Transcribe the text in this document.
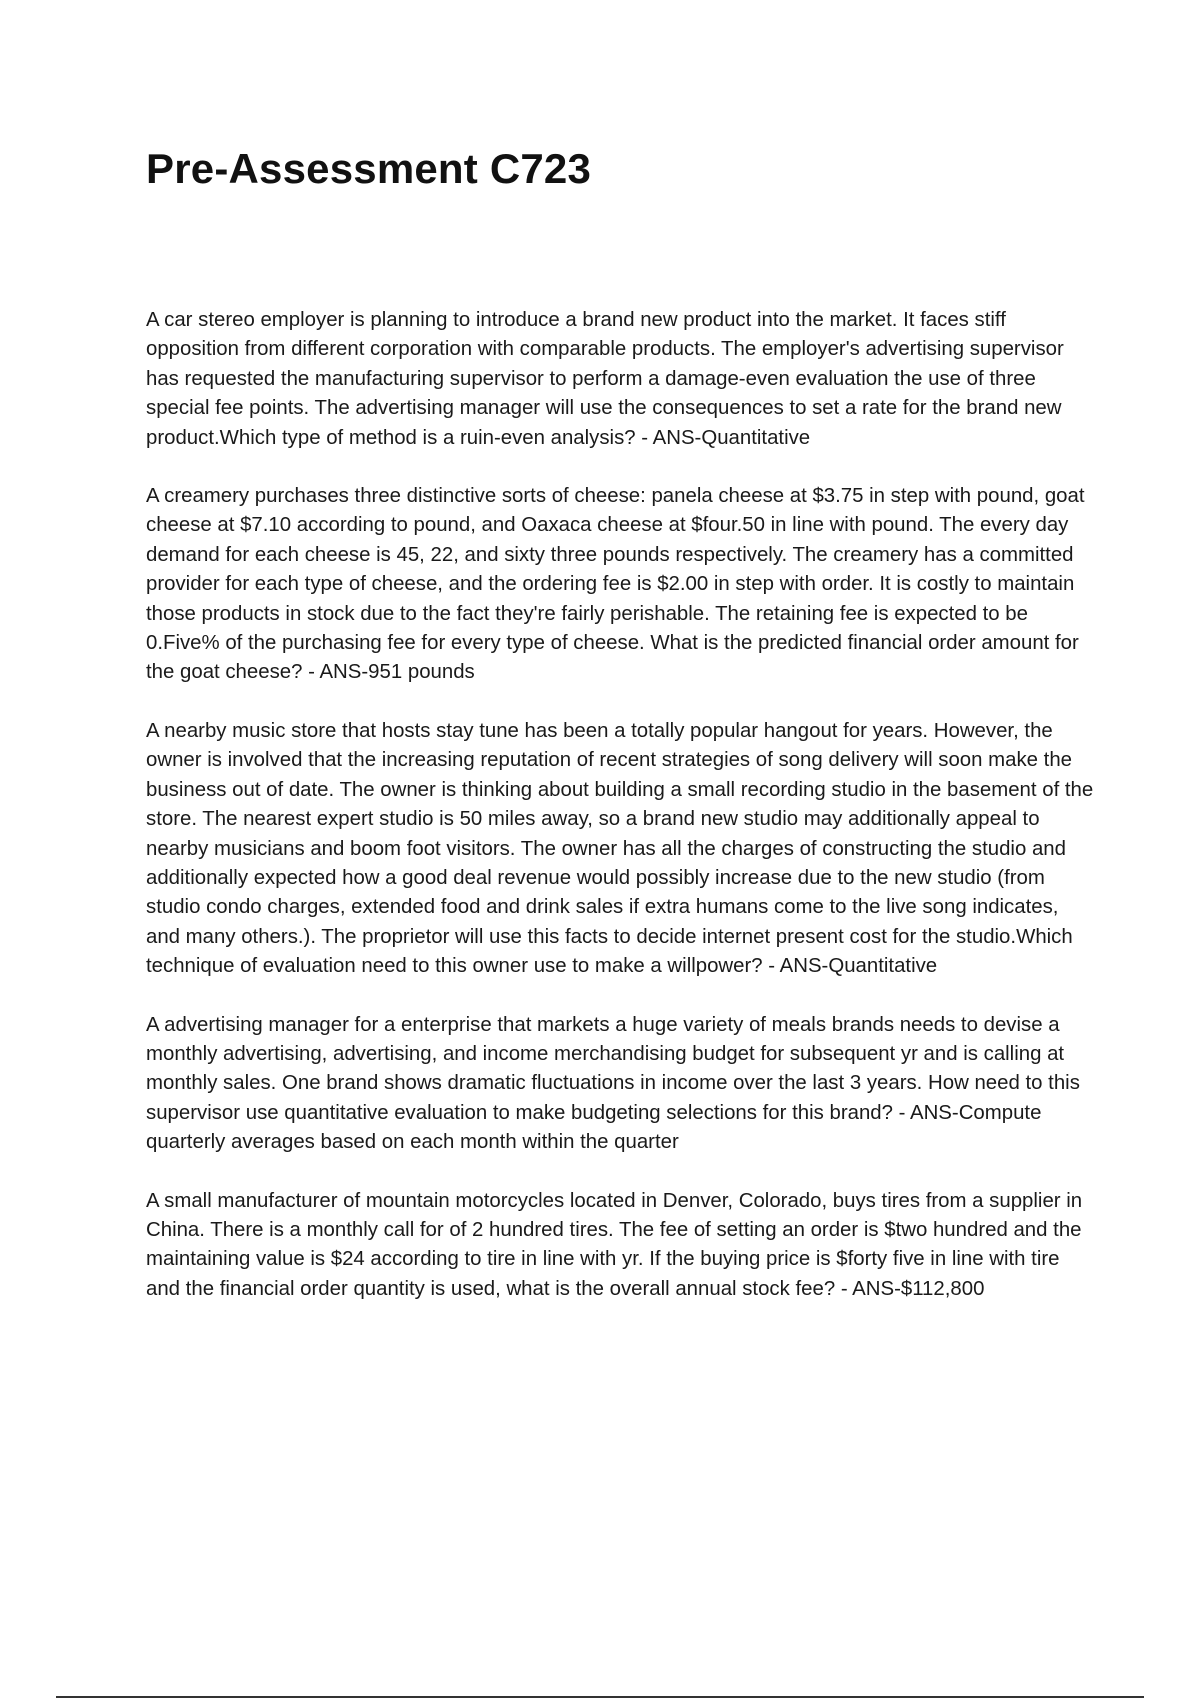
Pre-Assessment C723

A car stereo employer is planning to introduce a brand new product into the market. It faces stiff opposition from different corporation with comparable products. The employer's advertising supervisor has requested the manufacturing supervisor to perform a damage-even evaluation the use of three special fee points. The advertising manager will use the consequences to set a rate for the brand new product.Which type of method is a ruin-even analysis? - ANS-Quantitative

A creamery purchases three distinctive sorts of cheese: panela cheese at $3.75 in step with pound, goat cheese at $7.10 according to pound, and Oaxaca cheese at $four.50 in line with pound. The every day demand for each cheese is 45, 22, and sixty three pounds respectively. The creamery has a committed provider for each type of cheese, and the ordering fee is $2.00 in step with order. It is costly to maintain those products in stock due to the fact they're fairly perishable. The retaining fee is expected to be 0.Five% of the purchasing fee for every type of cheese. What is the predicted financial order amount for the goat cheese? - ANS-951 pounds

A nearby music store that hosts stay tune has been a totally popular hangout for years. However, the owner is involved that the increasing reputation of recent strategies of song delivery will soon make the business out of date. The owner is thinking about building a small recording studio in the basement of the store. The nearest expert studio is 50 miles away, so a brand new studio may additionally appeal to nearby musicians and boom foot visitors. The owner has all the charges of constructing the studio and additionally expected how a good deal revenue would possibly increase due to the new studio (from studio condo charges, extended food and drink sales if extra humans come to the live song indicates, and many others.). The proprietor will use this facts to decide internet present cost for the studio.Which technique of evaluation need to this owner use to make a willpower? - ANS-Quantitative

A advertising manager for a enterprise that markets a huge variety of meals brands needs to devise a monthly advertising, advertising, and income merchandising budget for subsequent yr and is calling at monthly sales. One brand shows dramatic fluctuations in income over the last 3 years. How need to this supervisor use quantitative evaluation to make budgeting selections for this brand? - ANS-Compute quarterly averages based on each month within the quarter

A small manufacturer of mountain motorcycles located in Denver, Colorado, buys tires from a supplier in China. There is a monthly call for of 2 hundred tires. The fee of setting an order is $two hundred and the maintaining value is $24 according to tire in line with yr. If the buying price is $forty five in line with tire and the financial order quantity is used, what is the overall annual stock fee? - ANS-$112,800
